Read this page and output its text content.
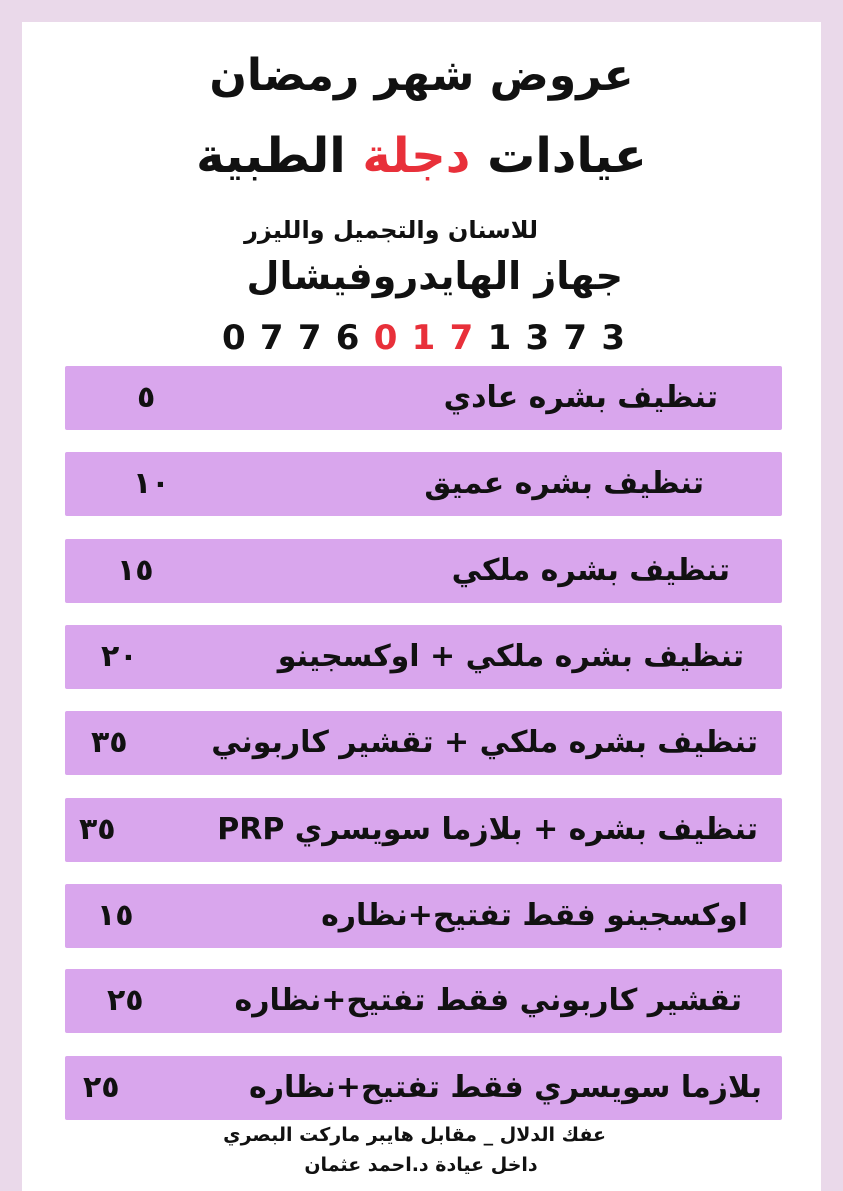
عروض شهر رمضان
عيادات دجلة الطبية
للاسنان والتجميل والليزر
جهاز الهايدروفيشال
07760171373
تنظيف بشره عادي
٥
تنظيف بشره عميق
١٠
تنظيف بشره ملكي
١٥
تنظيف بشره ملكي + اوكسجينو
٢٠
تنظيف بشره ملكي + تقشير كاربوني
٣٥
تنظيف بشره + بلازما سويسري PRP
٣٥
اوكسجينو فقط تفتيح+نظاره
١٥
تقشير كاربوني فقط تفتيح+نظاره
٢٥
بلازما سويسري فقط تفتيح+نظاره
٢٥
عفك الدلال _ مقابل هايبر ماركت البصري
داخل عيادة د.احمد عثمان
